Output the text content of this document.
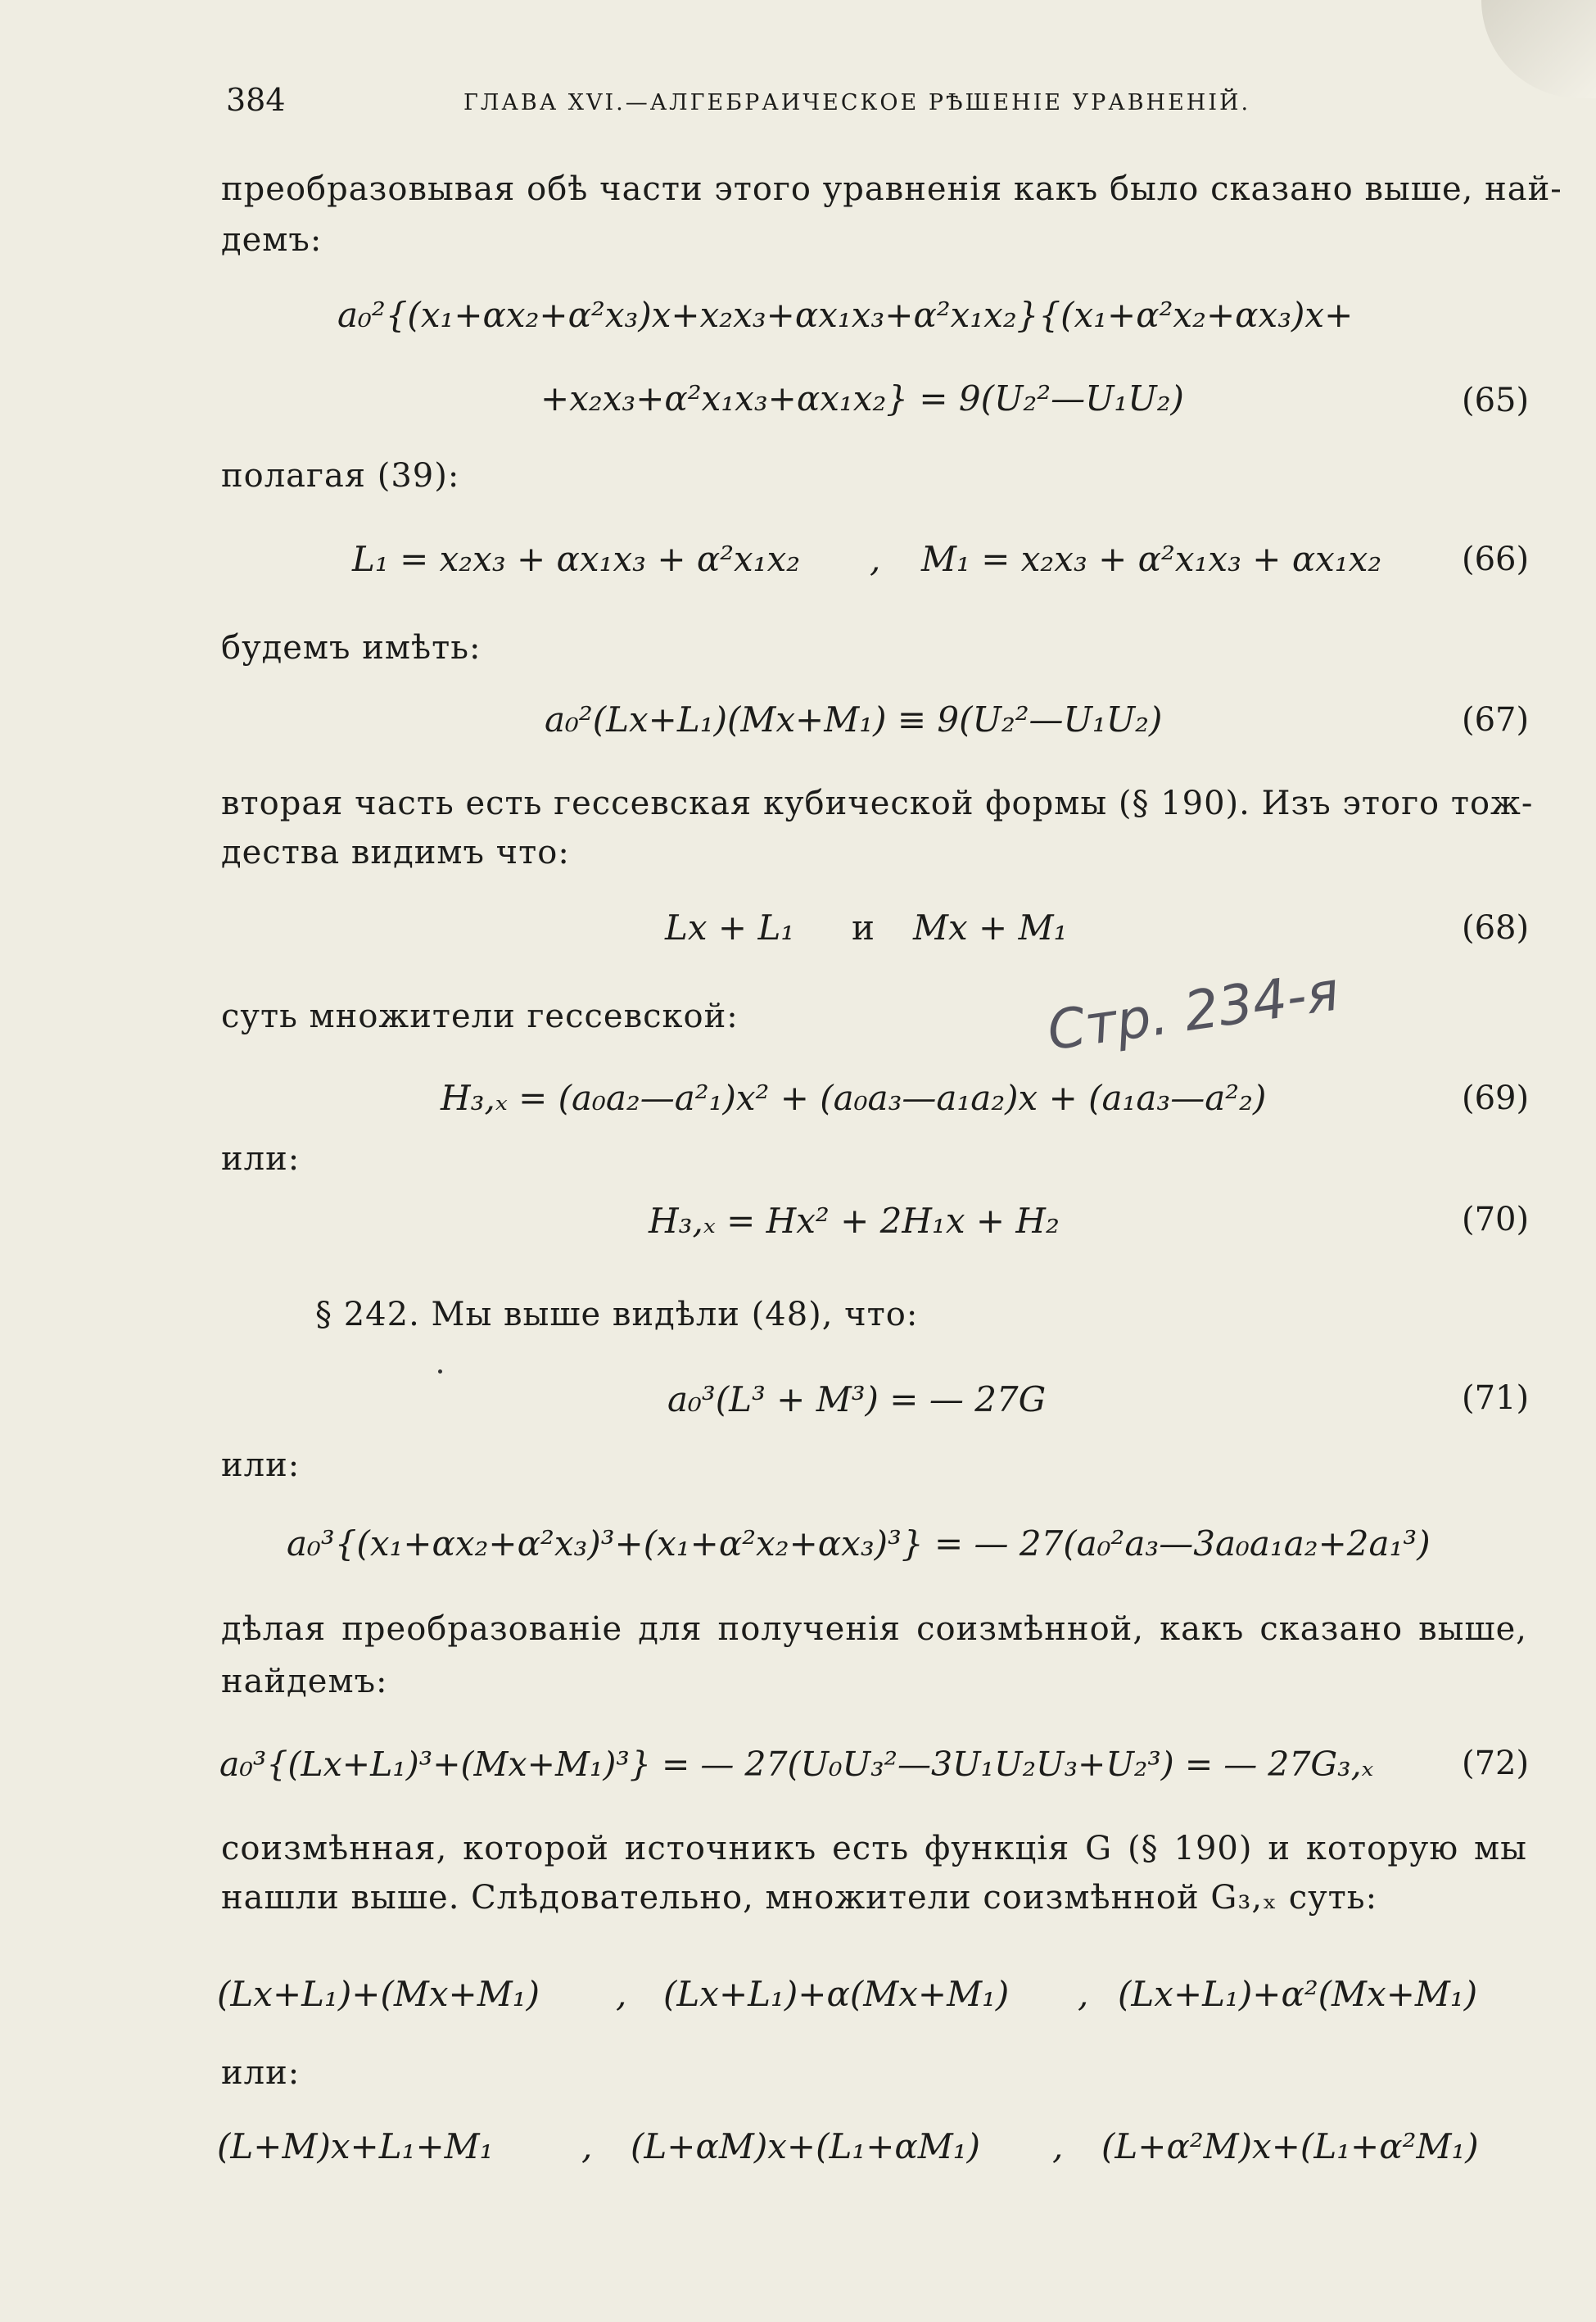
384	ГЛАВА XVI.—АЛГЕБРАИЧЕСКОЕ РѢШЕНІЕ УРАВНЕНІЙ.
преобразовывая обѣ части этого уравненія какъ было сказано выше, най-
демъ:
a₀²{(x₁+αx₂+α²x₃)x+x₂x₃+αx₁x₃+α²x₁x₂}{(x₁+α²x₂+αx₃)x+
+x₂x₃+α²x₁x₃+αx₁x₂} = 9(U₂²—U₁U₂)	(65)
полагая (39):
L₁ = x₂x₃ + αx₁x₃ + α²x₁x₂ , M₁ = x₂x₃ + α²x₁x₃ + αx₁x₂ (66)
будемъ имѣть:
a₀²(Lx+L₁)(Mx+M₁) ≡ 9(U₂²—U₁U₂)	(67)
вторая часть есть гессевская кубической формы (§ 190). Изъ этого тож-
дества видимъ что:
Lx + L₁ и Mx + M₁	(68)
суть множители гессевской:	Стр. 234-я
H₃,ₓ = (a₀a₂—a²₁)x² + (a₀a₃—a₁a₂)x + (a₁a₃—a²₂)	(69)
или:
H₃,ₓ = Hx² + 2H₁x + H₂	(70)
§ 242. Мы выше видѣли (48), что:
a₀³(L³ + M³) = — 27G	(71)
или:
a₀³{(x₁+αx₂+α²x₃)³+(x₁+α²x₂+αx₃)³} = — 27(a₀²a₃—3a₀a₁a₂+2a₁³)
дѣлая преобразованіе для полученія соизмѣнной, какъ сказано выше,
найдемъ:
a₀³{(Lx+L₁)³+(Mx+M₁)³} = — 27(U₀U₃²—3U₁U₂U₃+U₂³) = — 27G₃,ₓ	(72)
соизмѣнная, которой источникъ есть функція G (§ 190) и которую мы
нашли выше. Слѣдовательно, множители соизмѣнной G₃,ₓ суть:
(Lx+L₁)+(Mx+M₁) , (Lx+L₁)+α(Mx+M₁) , (Lx+L₁)+α²(Mx+M₁)
или:
(L+M)x+L₁+M₁	, (L+αM)x+(L₁+αM₁) , (L+α²M)x+(L₁+α²M₁)
